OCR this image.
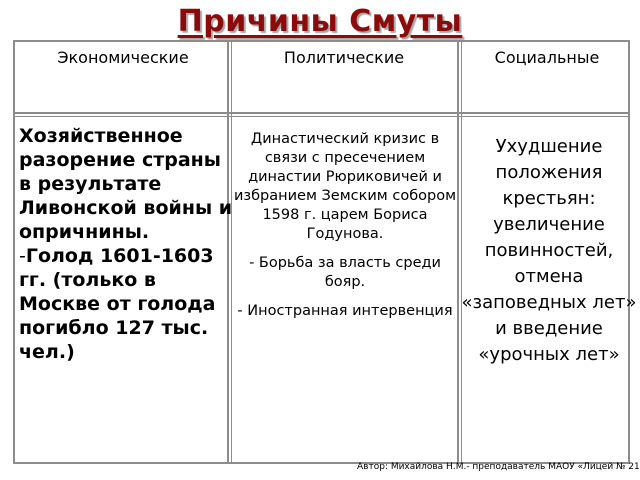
Причины Смуты
Экономические	Политические	Социальные
Хозяйственное разорение страны в результате Ливонской войны и опричнины.
-Голод 1601-1603 гг. (только в Москве от голода погибло 127 тыс. чел.)

Династический кризис в связи с пресечением династии Рюриковичей и избранием Земским собором 1598 г. царем Бориса Годунова.

- Борьба за власть среди бояр.

- Иностранная интервенция

Ухудшение положения крестьян: увеличение повинностей, отмена «заповедных лет» и введение «урочных лет»
Автор: Михайлова Н.М.- преподаватель МАОУ «Лицей № 21
